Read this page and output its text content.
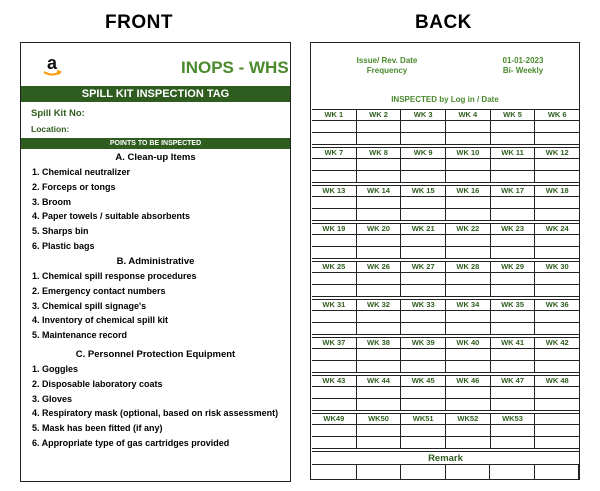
FRONT	BACK
a	INOPS - WHS
SPILL KIT INSPECTION TAG
Spill Kit No:
Location:
POINTS TO BE INSPECTED
A. Clean-up Items
1. Chemical neutralizer
2. Forceps or tongs
3. Broom
4. Paper towels / suitable absorbents
5. Sharps bin
6. Plastic bags
B. Administrative
1. Chemical spill response procedures
2. Emergency contact numbers
3. Chemical spill signage's
4. Inventory of chemical spill kit
5. Maintenance record
C. Personnel Protection Equipment
1. Goggles
2. Disposable laboratory coats
3. Gloves
4. Respiratory mask (optional, based on risk assessment)
5. Mask has been fitted (if any)
6. Appropriate type of gas cartridges provided
Issue/ Rev. Date
Frequency
01-01-2023
Bi- Weekly
INSPECTED by Log in / Date
WK 1	WK 2	WK 3	WK 4	WK 5	WK 6
WK 7	WK 8	WK 9	WK 10	WK 11	WK 12
WK 13	WK 14	WK 15	WK 16	WK 17	WK 18
WK 19	WK 20	WK 21	WK 22	WK 23	WK 24
WK 25	WK 26	WK 27	WK 28	WK 29	WK 30
WK 31	WK 32	WK 33	WK 34	WK 35	WK 36
WK 37	WK 38	WK 39	WK 40	WK 41	WK 42
WK 43	WK 44	WK 45	WK 46	WK 47	WK 48
WK49	WK50	WK51	WK52	WK53
Remark
